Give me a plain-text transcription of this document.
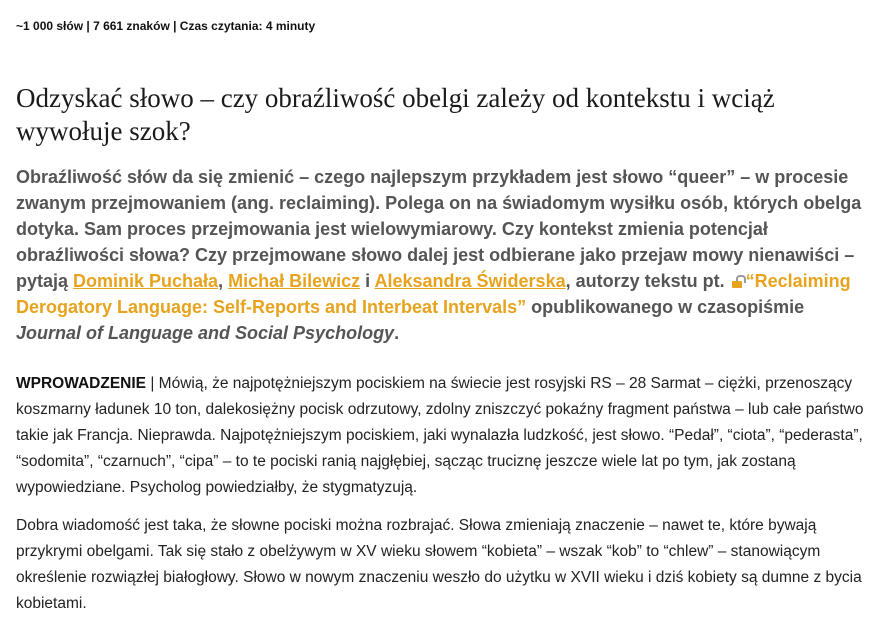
~1 000 słów | 7 661 znaków | Czas czytania: 4 minuty
Odzyskać słowo – czy obraźliwość obelgi zależy od kontekstu i wciąż wywołuje szok?

Obraźliwość słów da się zmienić – czego najlepszym przykładem jest słowo “queer” – w procesie zwanym przejmowaniem (ang. reclaiming). Polega on na świadomym wysiłku osób, których obelga dotyka. Sam proces przejmowania jest wielowymiarowy. Czy kontekst zmienia potencjał obraźliwości słowa? Czy przejmowane słowo dalej jest odbierane jako przejaw mowy nienawiści – pytają Dominik Puchała, Michał Bilewicz i Aleksandra Świderska, autorzy tekstu pt. “Reclaiming Derogatory Language: Self-Reports and Interbeat Intervals” opublikowanego w czasopiśmie Journal of Language and Social Psychology.

WPROWADZENIE | Mówią, że najpotężniejszym pociskiem na świecie jest rosyjski RS – 28 Sarmat – ciężki, przenoszący koszmarny ładunek 10 ton, dalekosiężny pocisk odrzutowy, zdolny zniszczyć pokaźny fragment państwa – lub całe państwo takie jak Francja. Nieprawda. Najpotężniejszym pociskiem, jaki wynalazła ludzkość, jest słowo. “Pedał”, “ciota”, “pederasta”, “sodomita”, “czarnuch”, “cipa” – to te pociski ranią najgłębiej, sącząc truciznę jeszcze wiele lat po tym, jak zostaną wypowiedziane. Psycholog powiedziałby, że stygmatyzują.

Dobra wiadomość jest taka, że słowne pociski można rozbrajać. Słowa zmieniają znaczenie – nawet te, które bywają przykrymi obelgami. Tak się stało z obelżywym w XV wieku słowem “kobieta” – wszak “kob” to “chlew” – stanowiącym określenie rozwiązłej białogłowy. Słowo w nowym znaczeniu weszło do użytku w XVII wieku i dziś kobiety są dumne z bycia kobietami.
